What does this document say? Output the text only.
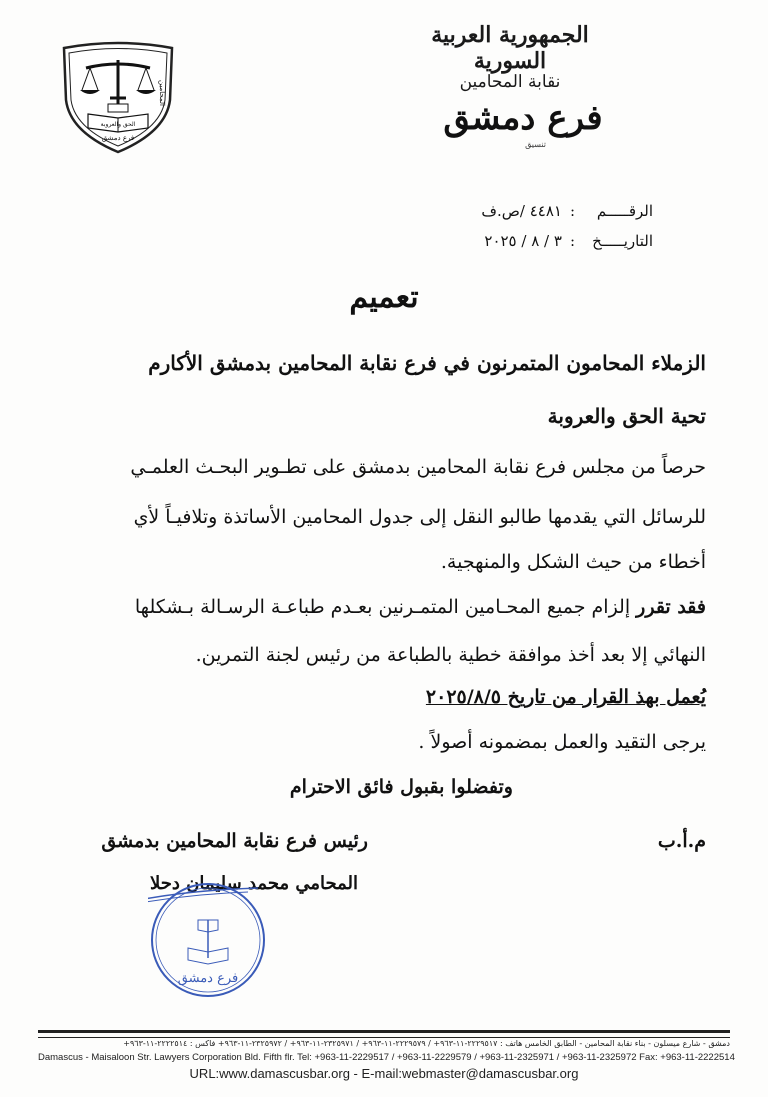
الجمهورية العربية السورية
نقابة المحامين
فرع دمشق
تنسيق
الحق والعروبة
فرع دمشق
المحامين
الرقـــــم
:
٤٤٨١ /ص.ف
التاريـــــخ
:
٣ / ٨ / ٢٠٢٥
تعميم
الزملاء المحامون المتمرنون في فرع نقابة المحامين بدمشق الأكارم
تحية الحق والعروبة
حرصاً من مجلس فرع نقابة المحامين بدمشق على تطـوير البحـث العلمـي
للرسائل التي يقدمها طالبو النقل إلى جدول المحامين الأساتذة وتلافيـاً لأي
أخطاء من حيث الشكل والمنهجية.
فقد تقرر إلزام جميع المحـامين المتمـرنين بعـدم طباعـة الرسـالة بـشكلها
النهائي إلا بعد أخذ موافقة خطية بالطباعة من رئيس لجنة التمرين.
يُعمل بهذ القرار من تاريخ ٢٠٢٥/٨/٥
يرجى التقيد والعمل بمضمونه أصولاً .
وتفضلوا بقبول فائق الاحترام
م.أ.ب
رئيس فرع نقابة المحامين بدمشق
المحامي محمد سليمان دحلا
فرع دمشق
دمشق - شارع ميسلون - بناء نقابة المحامين - الطابق الخامس هاتف : ٢٢٢٩٥١٧-١١-٩٦٣+ / ٢٢٢٩٥٧٩-١١-٩٦٣+ / ٢٣٢٥٩٧١-١١-٩٦٣+ / ٢٣٢٥٩٧٢-١١-٩٦٣+ فاكس : ٢٢٢٢٥١٤-١١-٩٦٣+
Damascus - Maisaloon Str. Lawyers Corporation Bld. Fifth flr. Tel: +963-11-2229517 / +963-11-2229579 / +963-11-2325971 / +963-11-2325972 Fax: +963-11-2222514
URL:www.damascusbar.org - E-mail:webmaster@damascusbar.org
